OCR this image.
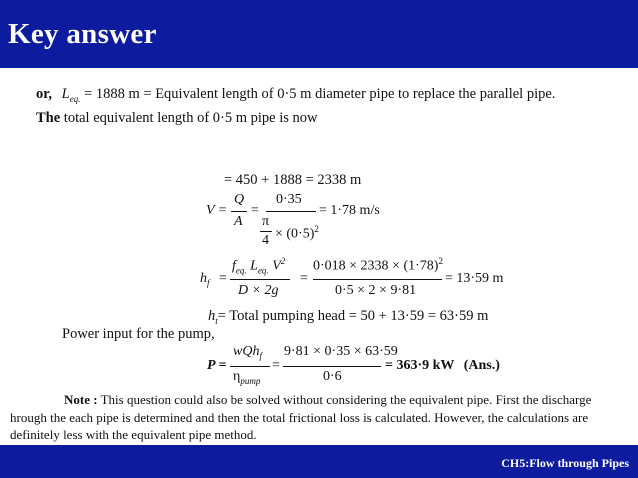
Key answer
or, $L_{eq.} = 1888$ m = Equivalent length of 0·5 m diameter pipe to replace the parallel pipe.
The total equivalent length of 0·5 m pipe is now
= 450 + 1888 = 2338 m
V =
Q
A
=
0·35
π
$4 \times (0\cdot 5)^2$
= 1·78 m/s
$h_f$ =
$f_{eq.}$ $L_{eq.}$ $V^2$
D × 2g
=
$0\cdot 018 \times 2338 \times (1\cdot 78)^2$
0·5 × 2 × 9·81
= 13·59 m
$h_t=$ Total pumping head = 50 + 13·59 = 63·59 m
Power input for the pump,
P =
wQh$_f$
$\eta_{pump}$
=
9·81 × 0·35 × 63·59
0·6
= 363·9 kW (Ans.)
Note : This question could also be solved without considering the equivalent pipe. First the discharge
hrough the each pipe is determined and then the total frictional loss is calculated. However, the calculations are
definitely less with the equivalent pipe method.
CH5:Flow through Pipes
